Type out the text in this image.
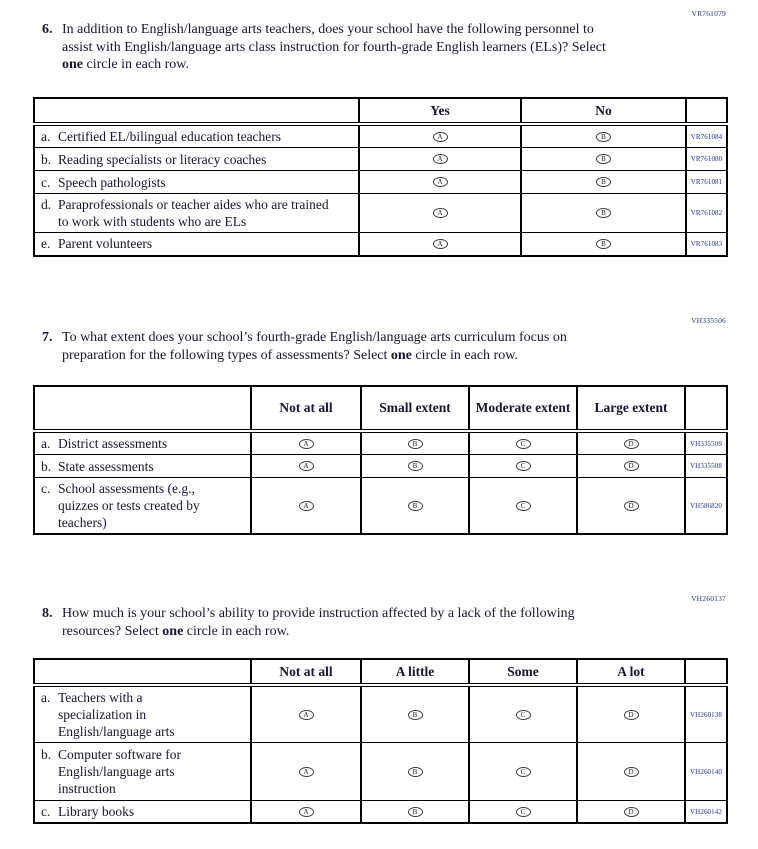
VR761079
6. In addition to English/language arts teachers, does your school have the following personnel to assist with English/language arts class instruction for fourth-grade English learners (ELs)? Select one circle in each row.
	Yes	No	

a. Certified EL/bilingual education teachers	A	B	VR761084

b. Reading specialists or literacy coaches	A	B	VR761080

c. Speech pathologists	A	B	VR761081

d. Paraprofessionals or teacher aides who are trained to work with students who are ELs	A	B	VR761082

e. Parent volunteers	A	B	VR761083
VH335506
7. To what extent does your school’s fourth-grade English/language arts curriculum focus on preparation for the following types of assessments? Select one circle in each row.
	Not at all	Small extent	Moderate extent	Large extent	

a. District assessments	A	B	C	D	VH335509

b. State assessments	A	B	C	D	VH335508

c. School assessments (e.g., quizzes or tests created by teachers)	A	B	C	D	VH586820
VH260137
8. How much is your school’s ability to provide instruction affected by a lack of the following resources? Select one circle in each row.
	Not at all	A little	Some	A lot	

a. Teachers with a specialization in English/language arts	A	B	C	D	VH260138

b. Computer software for English/language arts instruction	A	B	C	D	VH260140

c. Library books	A	B	C	D	VH260142
